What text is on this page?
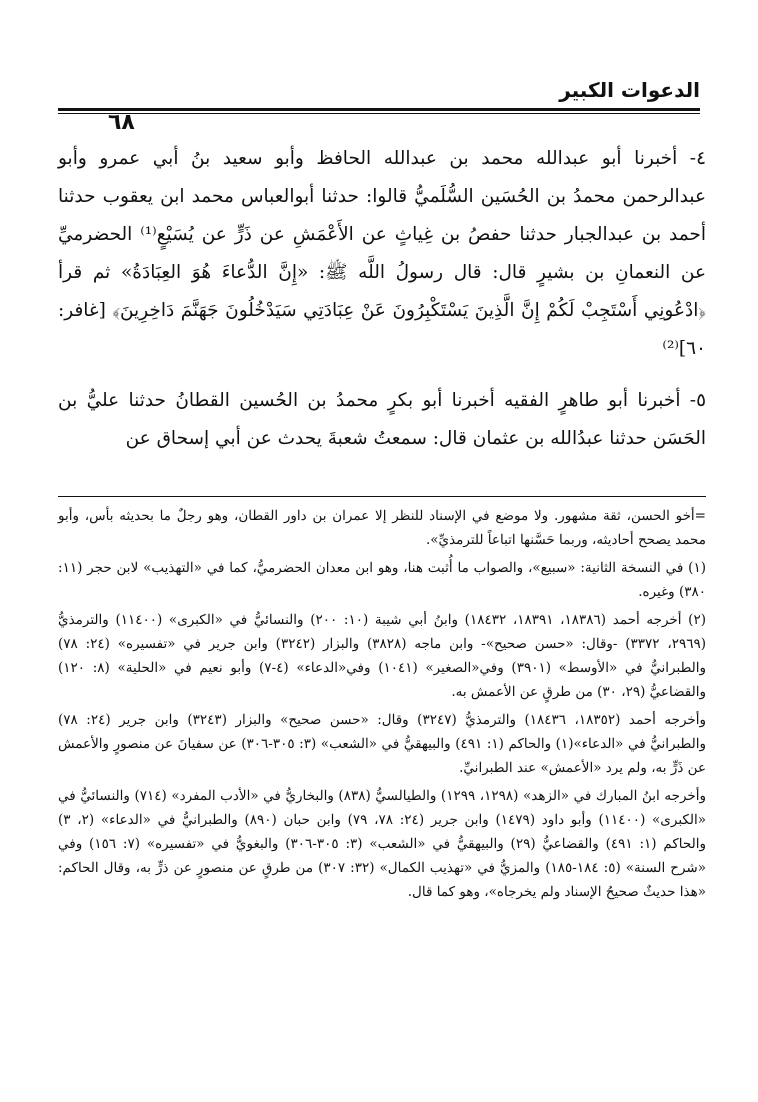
الدعوات الكبير
٦٨

٤- أخبرنا أبو عبدالله محمد بن عبدالله الحافظ وأبو سعيد بنُ أبي عمرو وأبو عبدالرحمن محمدُ بن الحُسَين السُّلَميُّ قالوا: حدثنا أبوالعباس محمد ابن يعقوب حدثنا أحمد بن عبدالجبار حدثنا حفصُ بن غِياثٍ عن الأَعْمَشِ عن ذَرٍّ عن يُسَيْعٍ⁽¹⁾ الحضرميِّ عن النعمانِ بن بشيرٍ قال: قال رسولُ اللَّه ﷺ: «إِنَّ الدُّعاءَ هُوَ العِبَادَةُ» ثم قرأ ﴿ادْعُونِي أَسْتَجِبْ لَكُمْ إِنَّ الَّذِينَ يَسْتَكْبِرُونَ عَنْ عِبَادَتِي سَيَدْخُلُونَ جَهَنَّمَ دَاخِرِينَ﴾ [غافر: ٦٠]⁽²⁾

٥- أخبرنا أبو طاهرٍ الفقيه أخبرنا أبو بكرٍ محمدُ بن الحُسين القطانُ حدثنا عليُّ بن الحَسَن حدثنا عبدُالله بن عثمان قال: سمعتُ شعبةَ يحدث عن أبي إسحاق عن

=أخو الحسن، ثقة مشهور. ولا موضع في الإسناد للنظر إلا عمران بن داور القطان، وهو رجلٌ ما بحديثه بأس، وأبو محمد يصحح أحاديثه، وربما حَسَّنها اتباعاً للترمذيِّ».

(١) في النسخة الثانية: «سبيع»، والصواب ما أُثبت هنا، وهو ابن معدان الحضرميُّ، كما في «التهذيب» لابن حجر (١١: ٣٨٠) وغيره.

(٢) أخرجه أحمد (١٨٣٨٦، ١٨٣٩١، ١٨٤٣٢) وابنُ أبي شيبة (١٠: ٢٠٠) والنسائيُّ في «الكبرى» (١١٤٠٠) والترمذيُّ (٢٩٦٩، ٣٣٧٢) -وقال: «حسن صحيح»- وابن ماجه (٣٨٢٨) والبزار (٣٢٤٢) وابن جرير في «تفسيره» (٢٤: ٧٨) والطبرانيُّ في «الأوسط» (٣٩٠١) وفي«الصغير» (١٠٤١) وفي«الدعاء» (٤-٧) وأبو نعيم في «الحلية» (٨: ١٢٠) والقضاعيُّ (٢٩، ٣٠) من طرقٍ عن الأعمش به.

وأخرجه أحمد (١٨٣٥٢، ١٨٤٣٦) والترمذيُّ (٣٢٤٧) وقال: «حسن صحيح» والبزار (٣٢٤٣) وابن جرير (٢٤: ٧٨) والطبرانيُّ في «الدعاء»(١) والحاكم (١: ٤٩١) والبيهقيُّ في «الشعب» (٣: ٣٠٥-٣٠٦) عن سفيانَ عن منصورٍ والأعمش عن ذَرٍّ به، ولم يرد «الأعمش» عند الطبرانيِّ.

وأخرجه ابنُ المبارك في «الزهد» (١٢٩٨، ١٢٩٩) والطيالسيُّ (٨٣٨) والبخاريُّ في «الأدب المفرد» (٧١٤) والنسائيُّ في «الكبرى» (١١٤٠٠) وأبو داود (١٤٧٩) وابن جرير (٢٤: ٧٨، ٧٩) وابن حبان (٨٩٠) والطبرانيُّ في «الدعاء» (٢، ٣) والحاكم (١: ٤٩١) والقضاعيُّ (٢٩) والبيهقيُّ في «الشعب» (٣: ٣٠٥-٣٠٦) والبغويُّ في «تفسيره» (٧: ١٥٦) وفي «شرح السنة» (٥: ١٨٤-١٨٥) والمزيُّ في «تهذيب الكمال» (٣٢: ٣٠٧) من طرقٍ عن منصورٍ عن ذرٍّ به، وقال الحاكم: «هذا حديثٌ صحيحُ الإسناد ولم يخرجاه»، وهو كما قال.
